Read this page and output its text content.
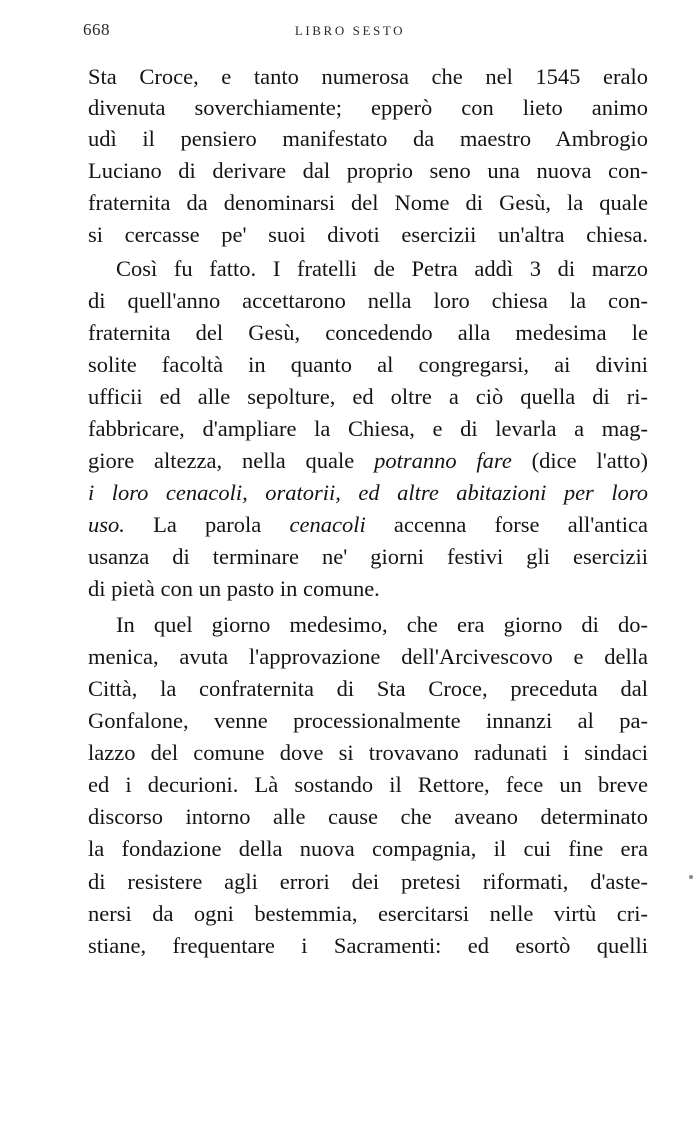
668	LIBRO SESTO
Sta Croce, e tanto numerosa che nel 1545 eralo
divenuta soverchiamente; epperò con lieto animo
udì il pensiero manifestato da maestro Ambrogio
Luciano di derivare dal proprio seno una nuova con-
fraternita da denominarsi del Nome di Gesù, la quale
si cercasse pe' suoi divoti esercizii un'altra chiesa.
Così fu fatto. I fratelli de Petra addì 3 di marzo
di quell'anno accettarono nella loro chiesa la con-
fraternita del Gesù, concedendo alla medesima le
solite facoltà in quanto al congregarsi, ai divini
ufficii ed alle sepolture, ed oltre a ciò quella di ri-
fabbricare, d'ampliare la Chiesa, e di levarla a mag-
giore altezza, nella quale potranno fare (dice l'atto)
i loro cenacoli, oratorii, ed altre abitazioni per loro
uso. La parola cenacoli accenna forse all'antica
usanza di terminare ne' giorni festivi gli esercizii
di pietà con un pasto in comune.
In quel giorno medesimo, che era giorno di do-
menica, avuta l'approvazione dell'Arcivescovo e della
Città, la confraternita di Sta Croce, preceduta dal
Gonfalone, venne processionalmente innanzi al pa-
lazzo del comune dove si trovavano radunati i sindaci
ed i decurioni. Là sostando il Rettore, fece un breve
discorso intorno alle cause che aveano determinato
la fondazione della nuova compagnia, il cui fine era
di resistere agli errori dei pretesi riformati, d'aste-
nersi da ogni bestemmia, esercitarsi nelle virtù cri-
stiane, frequentare i Sacramenti: ed esortò quelli
